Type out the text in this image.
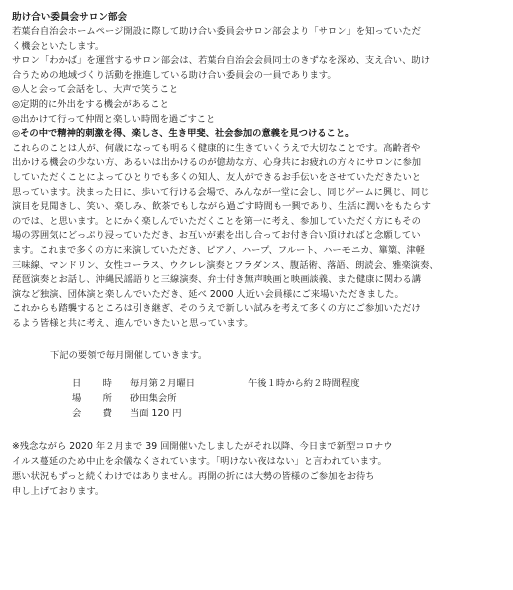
助け合い委員会サロン部会
若葉台自治会ホームページ開設に際して助け合い委員会サロン部会より「サロン」を知っていただ
く機会といたします。
サロン「わかば」を運営するサロン部会は、若葉台自治会会員同士のきずなを深め、支え合い、助け
合うための地域づくり活動を推進している助け合い委員会の一員であります。
◎人と会って会話をし、大声で笑うこと
◎定期的に外出をする機会があること
◎出かけて行って仲間と楽しい時間を過ごすこと
◎その中で精神的刺激を得、楽しさ、生き甲斐、社会参加の意義を見つけること。
これらのことは人が、何歳になっても明るく健康的に生きていくうえで大切なことです。高齢者や
出かける機会の少ない方、あるいは出かけるのが億劫な方、心身共にお疲れの方々にサロンに参加
していただくことによってひとりでも多くの知人、友人ができるお手伝いをさせていただきたいと
思っています。決まった日に、歩いて行ける会場で、みんなが一堂に会し、同じゲームに興じ、同じ
演目を見聞きし、笑い、楽しみ、飲茶でもしながら過ごす時間も一興であり、生活に潤いをもたらす
のでは、と思います。とにかく楽しんでいただくことを第一に考え、参加していただく方にもその
場の雰囲気にどっぷり浸っていただき、お互いが素を出し合ってお付き合い頂ければと念願してい
ます。これまで多くの方に来演していただき、ピアノ、ハープ、フルート、ハーモニカ、篳篥、津軽
三味線、マンドリン、女性コーラス、ウクレレ演奏とフラダンス、腹話術、落語、朗読会、雅楽演奏、
琵琶演奏とお話し、沖縄民謡語りと三線演奏、弁士付き無声映画と映画談義、また健康に関わる講
演など独演、団体演と楽しんでいただき、延べ 2000 人近い会員様にご来場いただきました。
これからも踏襲するところは引き継ぎ、そのうえで新しい試みを考えて多くの方にご参加いただけ
るよう皆様と共に考え、進んでいきたいと思っています。
下記の要領で毎月開催していきます。
日　時	毎月第２月曜日	午後１時から約２時間程度
場　所	砂田集会所	
会　費	当面 120 円	
※残念ながら 2020 年２月まで 39 回開催いたしましたがそれ以降、今日まで新型コロナウ
イルス蔓延のため中止を余儀なくされています。「明けない夜はない」と言われています。
悪い状況もずっと続くわけではありません。再開の折には大勢の皆様のご参加をお待ち
申し上げております。
